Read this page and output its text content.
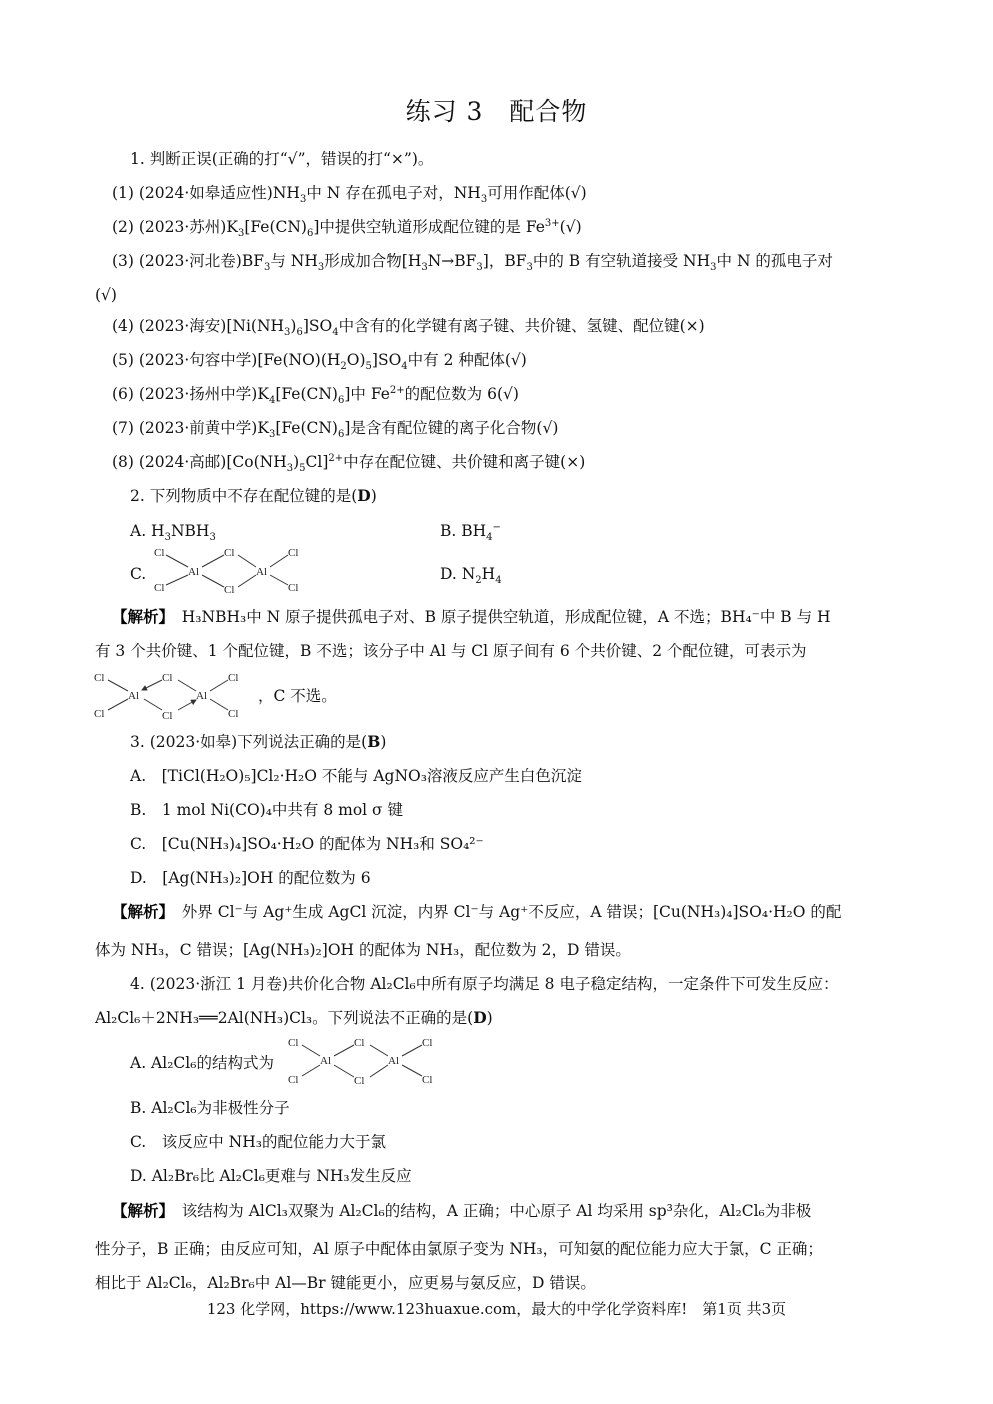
练习 3　配合物
1. 判断正误(正确的打“√”，错误的打“×”)。
(1) (2024·如皋适应性)$NH_3$中 N 存在孤电子对，$NH_3$可用作配体(√)
(2) (2023·苏州)$K_3[Fe(CN)_6]$中提供空轨道形成配位键的是 $Fe^{3+}(√)$
(3) (2023·河北卷)$BF_3$与 $NH_3$形成加合物$[H_3N\to BF_3]$，$BF_3$中的 B 有空轨道接受 $NH_3$中 N 的孤电子对
(√)
(4) (2023·海安)$[Ni(NH_3)_6]SO_4$中含有的化学键有离子键、共价键、氢键、配位键(×)
(5) (2023·句容中学)$[Fe(NO)(H_2O)_5]SO_4$中有 2 种配体(√)
(6) (2023·扬州中学)$K_4[Fe(CN)_6]$中 $Fe^{2+}$的配位数为 6(√)
(7) (2023·前黄中学)$K_3[Fe(CN)_6]$是含有配位键的离子化合物(√)
(8) (2024·高邮)$[Co(NH_3)_5Cl]^{2+}$中存在配位键、共价键和离子键(×)
2. 下列物质中不存在配位键的是(D)
A. $H_3NBH_3$	B. $BH_4^-$
C.
Cl
Cl
Al
Cl
Cl
Al
Cl
Cl
D. $N_2H_4$
【解析】　 H₃NBH₃中 N 原子提供孤电子对、B 原子提供空轨道，形成配位键，A 不选；BH₄⁻中 B 与 H
有 3 个共价键、1 个配位键，B 不选；该分子中 Al 与 Cl 原子间有 6 个共价键、2 个配位键，可表示为
Cl
Cl
Al
Cl
Cl
Al
Cl
Cl
，C 不选。
3. (2023·如皋)下列说法正确的是(B)
A.　[TiCl(H₂O)₅]Cl₂·H₂O 不能与 AgNO₃溶液反应产生白色沉淀
B.　1 mol Ni(CO)₄中共有 8 mol σ 键
C.　[Cu(NH₃)₄]SO₄·H₂O 的配体为 NH₃和 SO₄²⁻
D.　[Ag(NH₃)₂]OH 的配位数为 6
【解析】　 外界 Cl⁻与 Ag⁺生成 AgCl 沉淀，内界 Cl⁻与 Ag⁺不反应，A 错误；[Cu(NH₃)₄]SO₄·H₂O 的配
体为 NH₃，C 错误；[Ag(NH₃)₂]OH 的配体为 NH₃，配位数为 2，D 错误。
4. (2023·浙江 1 月卷)共价化合物 Al₂Cl₆中所有原子均满足 8 电子稳定结构，一定条件下可发生反应：
Al₂Cl₆＋2NH₃══2Al(NH₃)Cl₃。下列说法不正确的是(D)
A. Al₂Cl₆的结构式为
Cl
Cl
Al
Cl
Cl
Al
Cl
Cl
B. Al₂Cl₆为非极性分子
C.　该反应中 NH₃的配位能力大于氯
D. Al₂Br₆比 Al₂Cl₆更难与 NH₃发生反应
【解析】　 该结构为 AlCl₃双聚为 Al₂Cl₆的结构，A 正确；中心原子 Al 均采用 sp³杂化，Al₂Cl₆为非极
性分子，B 正确；由反应可知，Al 原子中配体由氯原子变为 NH₃，可知氨的配位能力应大于氯，C 正确；
相比于 Al₂Cl₆，Al₂Br₆中 Al—Br 键能更小，应更易与氨反应，D 错误。
123 化学网，https://www.123huaxue.com，最大的中学化学资料库!　第1页 共3页
